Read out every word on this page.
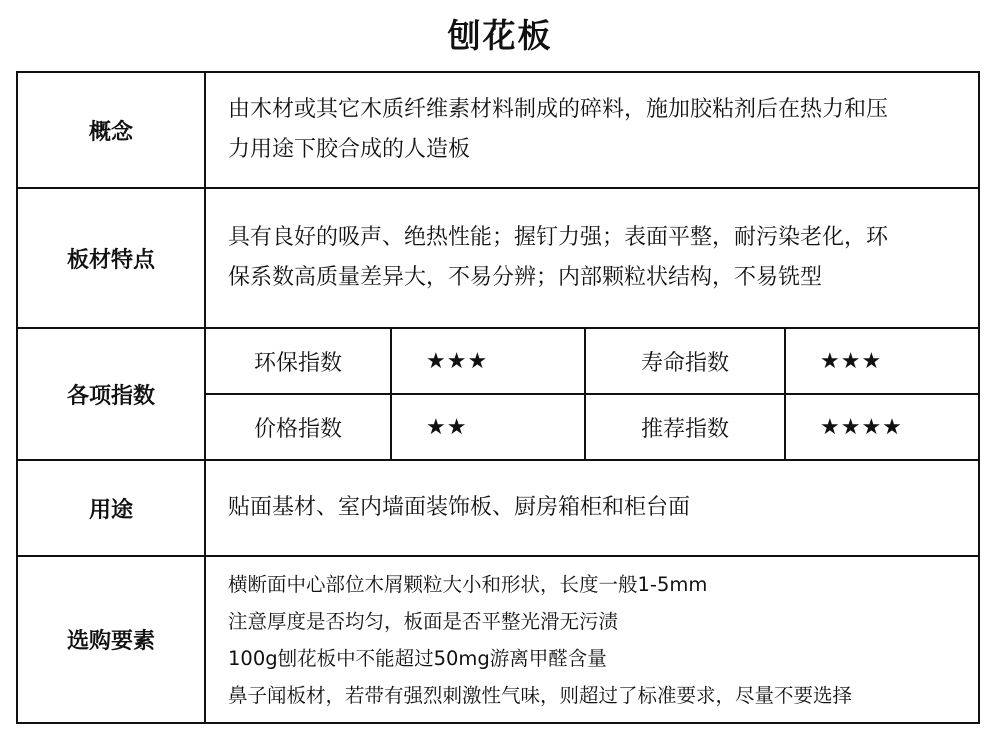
刨花板
概念	
由木材或其它木质纤维素材料制成的碎料，施加胶粘剂后在热力和压
力用途下胶合成的人造板

板材特点	
具有良好的吸声、绝热性能；握钉力强；表面平整，耐污染老化，环
保系数高质量差异大，不易分辨；内部颗粒状结构，不易铣型

各项指数	
环保指数	★★★	寿命指数	★★★
价格指数	★★	推荐指数	★★★★

用途	贴面基材、室内墙面装饰板、厨房箱柜和柜台面
选购要素	
横断面中心部位木屑颗粒大小和形状，长度一般1-5mm
注意厚度是否均匀，板面是否平整光滑无污渍
100g刨花板中不能超过50mg游离甲醛含量
鼻子闻板材，若带有强烈刺激性气味，则超过了标准要求，尽量不要选择
